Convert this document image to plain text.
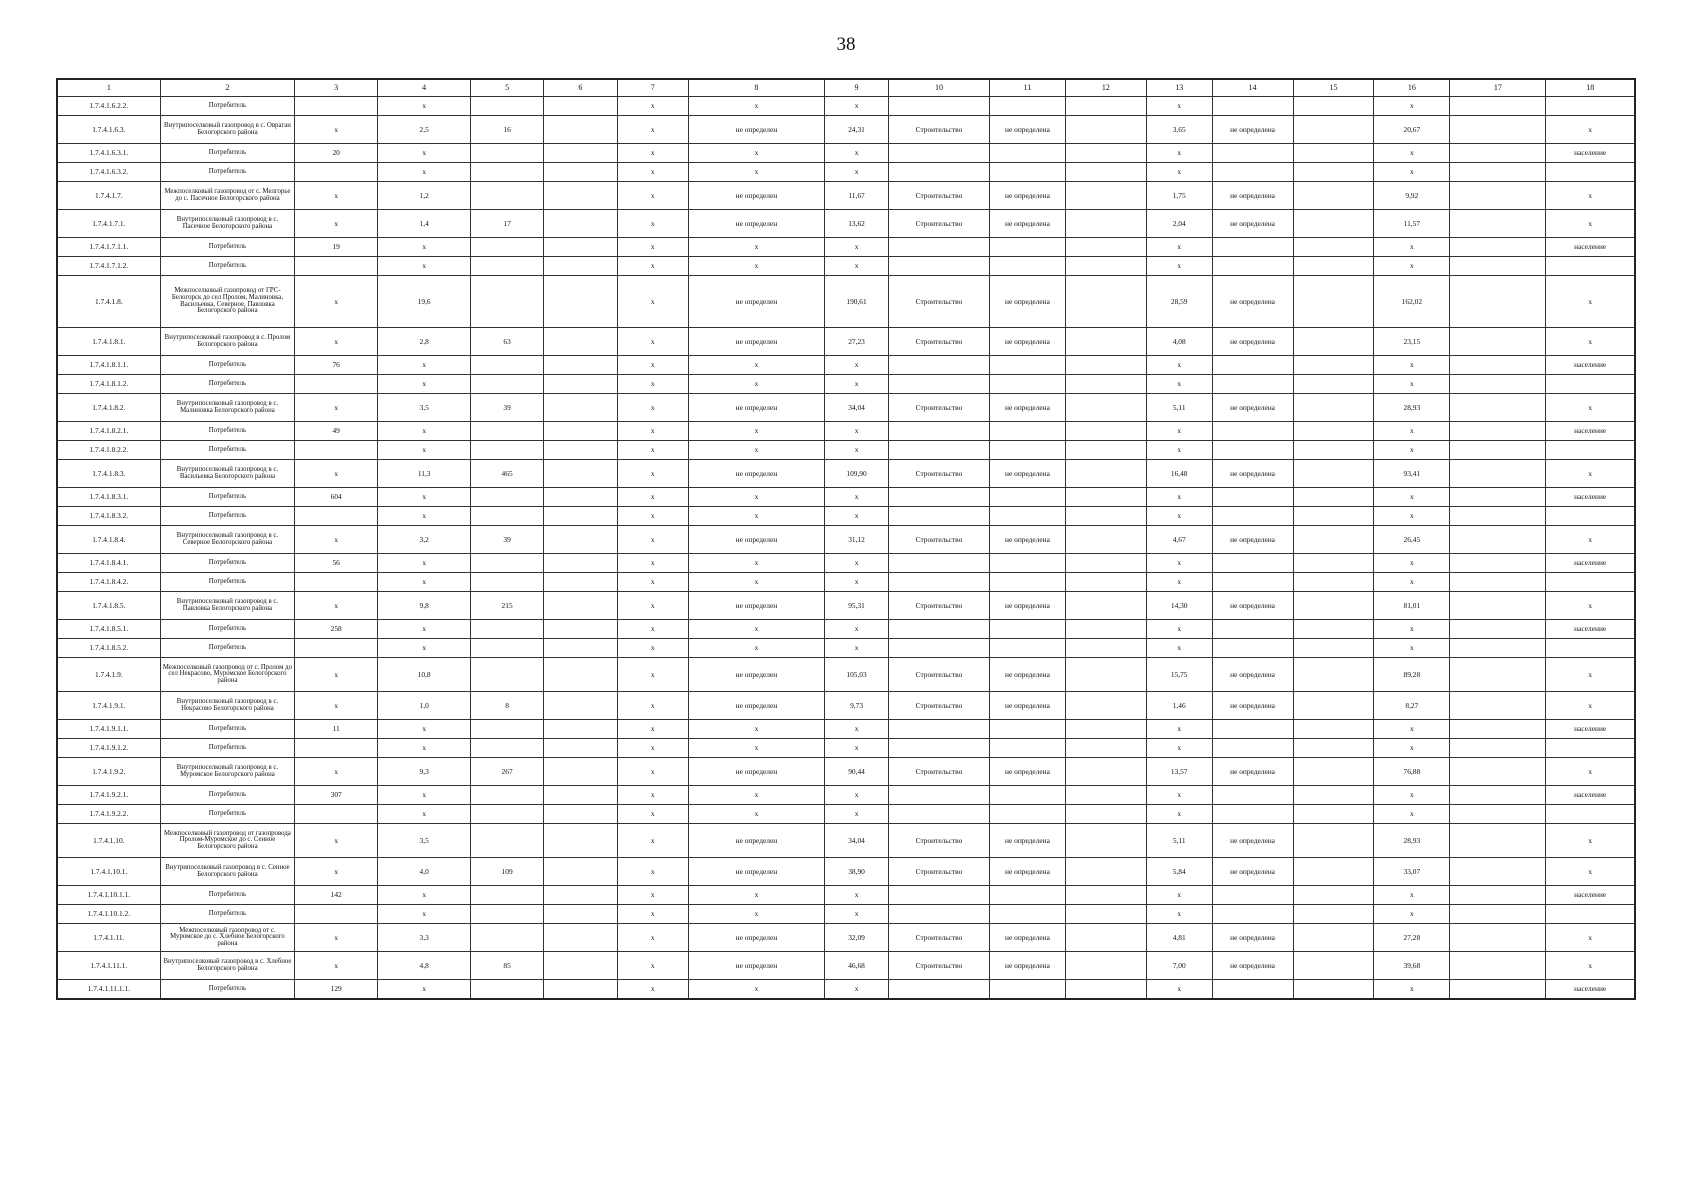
38
1	2	3	4	5	6	7	8	9	10	11	12	13	14	15	16	17	18
1.7.4.1.6.2.2.	Потребитель		x			x	x	x				x			x		
1.7.4.1.6.3.	Внутрипоселковый газопровод в с. Оврагаи Белогорского района	x	2,5	16		x	не определен	24,31	Строительство	не определена		3,65	не определена		20,67		x
1.7.4.1.6.3.1.	Потребитель	20	x			x	x	x				x			x		население
1.7.4.1.6.3.2.	Потребитель		x			x	x	x				x			x		
1.7.4.1.7.	Межпоселковый газопровод от с. Мелгорье до с. Пасечное Белогорского района	x	1,2			x	не определен	11,67	Строительство	не определена		1,75	не определена		9,92		x
1.7.4.1.7.1.	Внутрипоселковый газопровод в с. Пасечное Белогорского района	x	1,4	17		x	не определен	13,62	Строительство	не определена		2,04	не определена		11,57		x
1.7.4.1.7.1.1.	Потребитель	19	x			x	x	x				x			x		население
1.7.4.1.7.1.2.	Потребитель		x			x	x	x				x			x		
1.7.4.1.8.	Межпоселковый газопровод от ГРС-Белогорск до сел Пролом, Малиновка, Васильевка, Северное, Павловка Белогорского района	x	19,6			x	не определен	190,61	Строительство	не определена		28,59	не определена		162,02		x
1.7.4.1.8.1.	Внутрипоселковый газопровод в с. Пролом Белогорского района	x	2,8	63		x	не определен	27,23	Строительство	не определена		4,08	не определена		23,15		x
1.7.4.1.8.1.1.	Потребитель	76	x			x	x	x				x			x		население
1.7.4.1.8.1.2.	Потребитель		x			x	x	x				x			x		
1.7.4.1.8.2.	Внутрипоселковый газопровод в с. Малиновка Белогорского района	x	3,5	39		x	не определен	34,04	Строительство	не определена		5,11	не определена		28,93		x
1.7.4.1.8.2.1.	Потребитель	49	x			x	x	x				x			x		население
1.7.4.1.8.2.2.	Потребитель		x			x	x	x				x			x		
1.7.4.1.8.3.	Внутрипоселковый газопровод в с. Васильевка Белогорского района	x	11,3	465		x	не определен	109,90	Строительство	не определена		16,48	не определена		93,41		x
1.7.4.1.8.3.1.	Потребитель	604	x			x	x	x				x			x		население
1.7.4.1.8.3.2.	Потребитель		x			x	x	x				x			x		
1.7.4.1.8.4.	Внутрипоселковый газопровод в с. Северное Белогорского района	x	3,2	39		x	не определен	31,12	Строительство	не определена		4,67	не определена		26,45		x
1.7.4.1.8.4.1.	Потребитель	56	x			x	x	x				x			x		население
1.7.4.1.8.4.2.	Потребитель		x			x	x	x				x			x		
1.7.4.1.8.5.	Внутрипоселковый газопровод в с. Павловка Белогорского района	x	9,8	215		x	не определен	95,31	Строительство	не определена		14,30	не определена		81,01		x
1.7.4.1.8.5.1.	Потребитель	258	x			x	x	x				x			x		население
1.7.4.1.8.5.2.	Потребитель		x			x	x	x				x			x		
1.7.4.1.9.	Межпоселковый газопровод от с. Пролом до сел Некрасово, Муромское Белогорского района	x	10,8			x	не определен	105,03	Строительство	не определена		15,75	не определена		89,28		x
1.7.4.1.9.1.	Внутрипоселковый газопровод в с. Некрасово Белогорского района	x	1,0	8		x	не определен	9,73	Строительство	не определена		1,46	не определена		8,27		x
1.7.4.1.9.1.1.	Потребитель	11	x			x	x	x				x			x		население
1.7.4.1.9.1.2.	Потребитель		x			x	x	x				x			x		
1.7.4.1.9.2.	Внутрипоселковый газопровод в с. Муромское Белогорского района	x	9,3	267		x	не определен	90,44	Строительство	не определена		13,57	не определена		76,88		x
1.7.4.1.9.2.1.	Потребитель	307	x			x	x	x				x			x		население
1.7.4.1.9.2.2.	Потребитель		x			x	x	x				x			x		
1.7.4.1.10.	Межпоселковый газопровод от газопровода Пролом-Муромское до с. Сенное Белогорского района	x	3,5			x	не определен	34,04	Строительство	не определена		5,11	не определена		28,93		x
1.7.4.1.10.1.	Внутрипоселковый газопровод в с. Сенное Белогорского района	x	4,0	109		x	не определен	38,90	Строительство	не определена		5,84	не определена		33,07		x
1.7.4.1.10.1.1.	Потребитель	142	x			x	x	x				x			x		население
1.7.4.1.10.1.2.	Потребитель		x			x	x	x				x			x		
1.7.4.1.11.	Межпоселковый газопровод от с. Муромское до с. Хлебное Белогорского района	x	3,3			x	не определен	32,09	Строительство	не определена		4,81	не определена		27,28		x
1.7.4.1.11.1.	Внутрипоселковый газопровод в с. Хлебное Белогорского района	x	4,8	85		x	не определен	46,68	Строительство	не определена		7,00	не определена		39,68		x
1.7.4.1.11.1.1.	Потребитель	129	x			x	x	x				x			x		население
